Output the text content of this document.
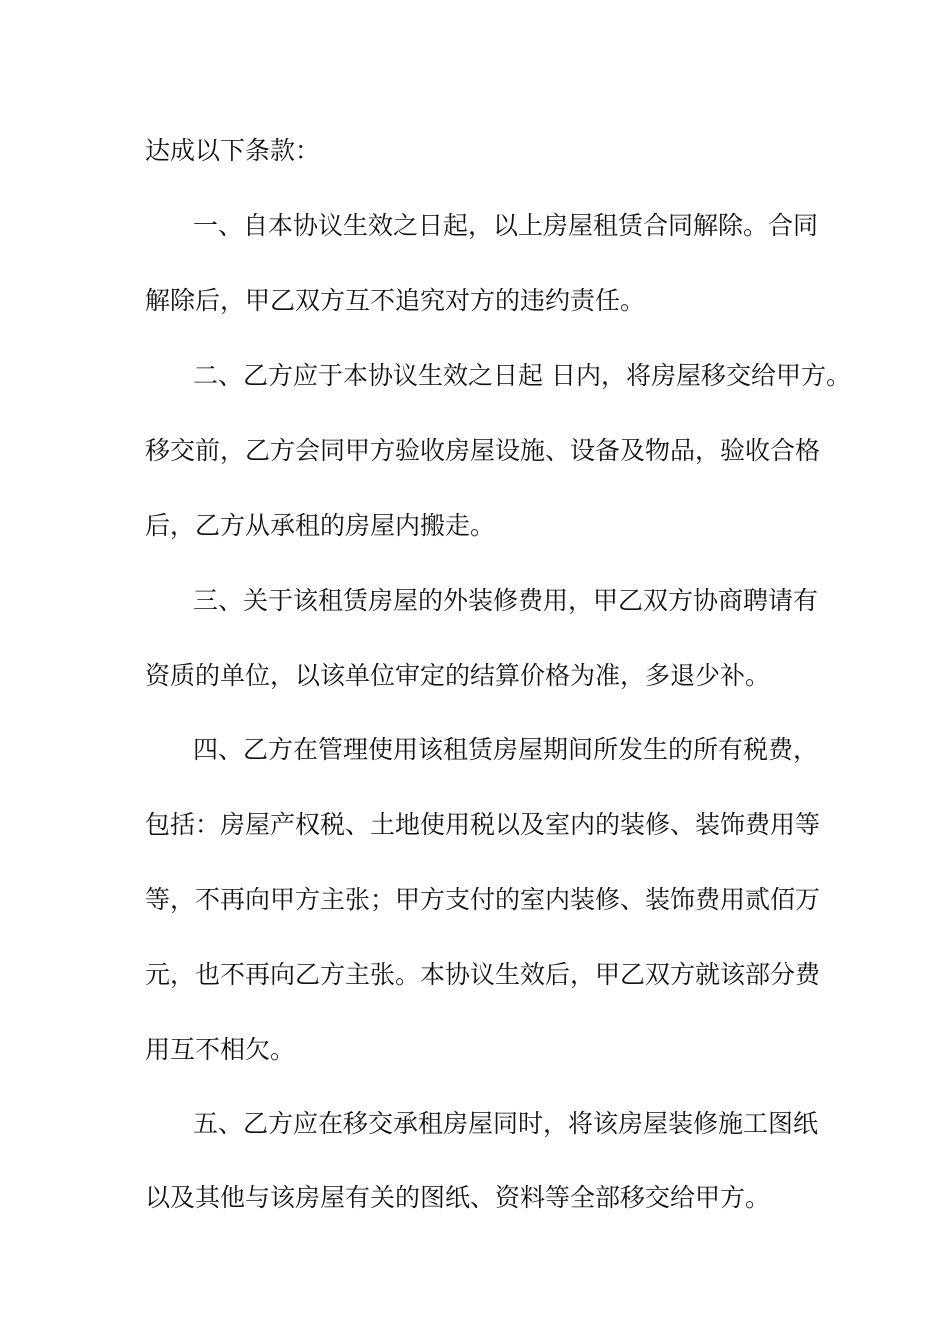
达成以下条款：
一、自本协议生效之日起，以上房屋租赁合同解除。合同
解除后，甲乙双方互不追究对方的违约责任。
二、乙方应于本协议生效之日起 日内，将房屋移交给甲方。
移交前，乙方会同甲方验收房屋设施、设备及物品，验收合格
后，乙方从承租的房屋内搬走。
三、关于该租赁房屋的外装修费用，甲乙双方协商聘请有
资质的单位，以该单位审定的结算价格为准，多退少补。
四、乙方在管理使用该租赁房屋期间所发生的所有税费，
包括：房屋产权税、土地使用税以及室内的装修、装饰费用等
等，不再向甲方主张；甲方支付的室内装修、装饰费用贰佰万
元，也不再向乙方主张。本协议生效后，甲乙双方就该部分费
用互不相欠。
五、乙方应在移交承租房屋同时，将该房屋装修施工图纸
以及其他与该房屋有关的图纸、资料等全部移交给甲方。
